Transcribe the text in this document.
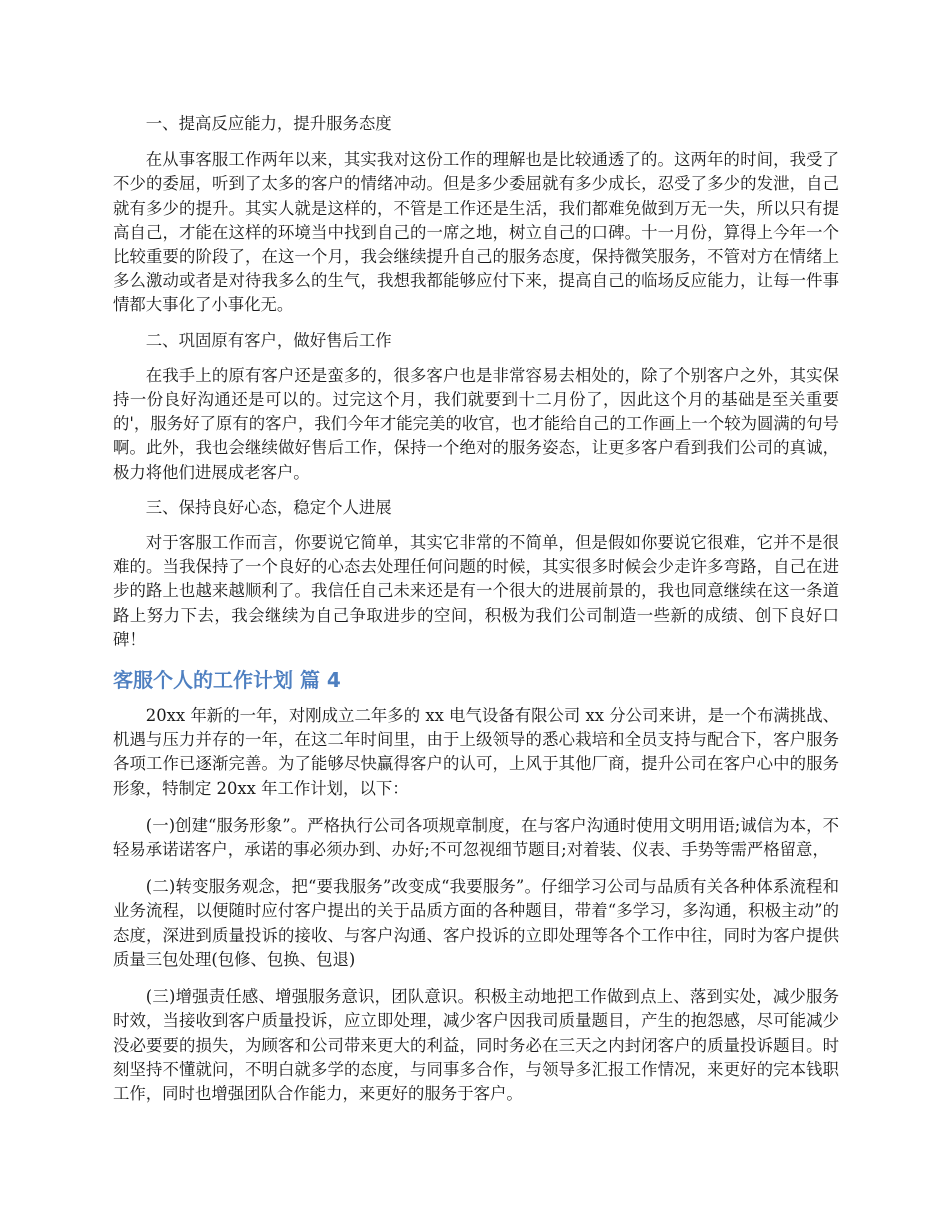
一、提高反应能力，提升服务态度

在从事客服工作两年以来，其实我对这份工作的理解也是比较通透了的。这两年的时间，我受了不少的委屈，听到了太多的客户的情绪冲动。但是多少委屈就有多少成长，忍受了多少的发泄，自己就有多少的提升。其实人就是这样的，不管是工作还是生活，我们都难免做到万无一失，所以只有提高自己，才能在这样的环境当中找到自己的一席之地，树立自己的口碑。十一月份，算得上今年一个比较重要的阶段了，在这一个月，我会继续提升自己的服务态度，保持微笑服务，不管对方在情绪上多么激动或者是对待我多么的生气，我想我都能够应付下来，提高自己的临场反应能力，让每一件事情都大事化了小事化无。

二、巩固原有客户，做好售后工作

在我手上的原有客户还是蛮多的，很多客户也是非常容易去相处的，除了个别客户之外，其实保持一份良好沟通还是可以的。过完这个月，我们就要到十二月份了，因此这个月的基础是至关重要的'，服务好了原有的客户，我们今年才能完美的收官，也才能给自己的工作画上一个较为圆满的句号啊。此外，我也会继续做好售后工作，保持一个绝对的服务姿态，让更多客户看到我们公司的真诚，极力将他们进展成老客户。

三、保持良好心态，稳定个人进展

对于客服工作而言，你要说它简单，其实它非常的不简单，但是假如你要说它很难，它并不是很难的。当我保持了一个良好的心态去处理任何问题的时候，其实很多时候会少走许多弯路，自己在进步的路上也越来越顺利了。我信任自己未来还是有一个很大的进展前景的，我也同意继续在这一条道路上努力下去，我会继续为自己争取进步的空间，积极为我们公司制造一些新的成绩、创下良好口碑！

客服个人的工作计划 篇 4

20xx 年新的一年，对刚成立二年多的 xx 电气设备有限公司 xx 分公司来讲，是一个布满挑战、机遇与压力并存的一年，在这二年时间里，由于上级领导的悉心栽培和全员支持与配合下，客户服务各项工作已逐渐完善。为了能够尽快赢得客户的认可，上风于其他厂商，提升公司在客户心中的服务形象，特制定 20xx 年工作计划，以下：

(一)创建“服务形象”。严格执行公司各项规章制度，在与客户沟通时使用文明用语;诚信为本，不轻易承诺诺客户，承诺的事必须办到、办好;不可忽视细节题目;对着装、仪表、手势等需严格留意，

(二)转变服务观念，把“要我服务”改变成“我要服务”。仔细学习公司与品质有关各种体系流程和业务流程，以便随时应付客户提出的关于品质方面的各种题目，带着“多学习，多沟通，积极主动”的态度，深进到质量投诉的接收、与客户沟通、客户投诉的立即处理等各个工作中往，同时为客户提供质量三包处理(包修、包换、包退)

(三)增强责任感、增强服务意识，团队意识。积极主动地把工作做到点上、落到实处，减少服务时效，当接收到客户质量投诉，应立即处理，减少客户因我司质量题目，产生的抱怨感，尽可能减少没必要要的损失，为顾客和公司带来更大的利益，同时务必在三天之内封闭客户的质量投诉题目。时刻坚持不懂就问，不明白就多学的态度，与同事多合作，与领导多汇报工作情况，来更好的完本钱职工作，同时也增强团队合作能力，来更好的服务于客户。
